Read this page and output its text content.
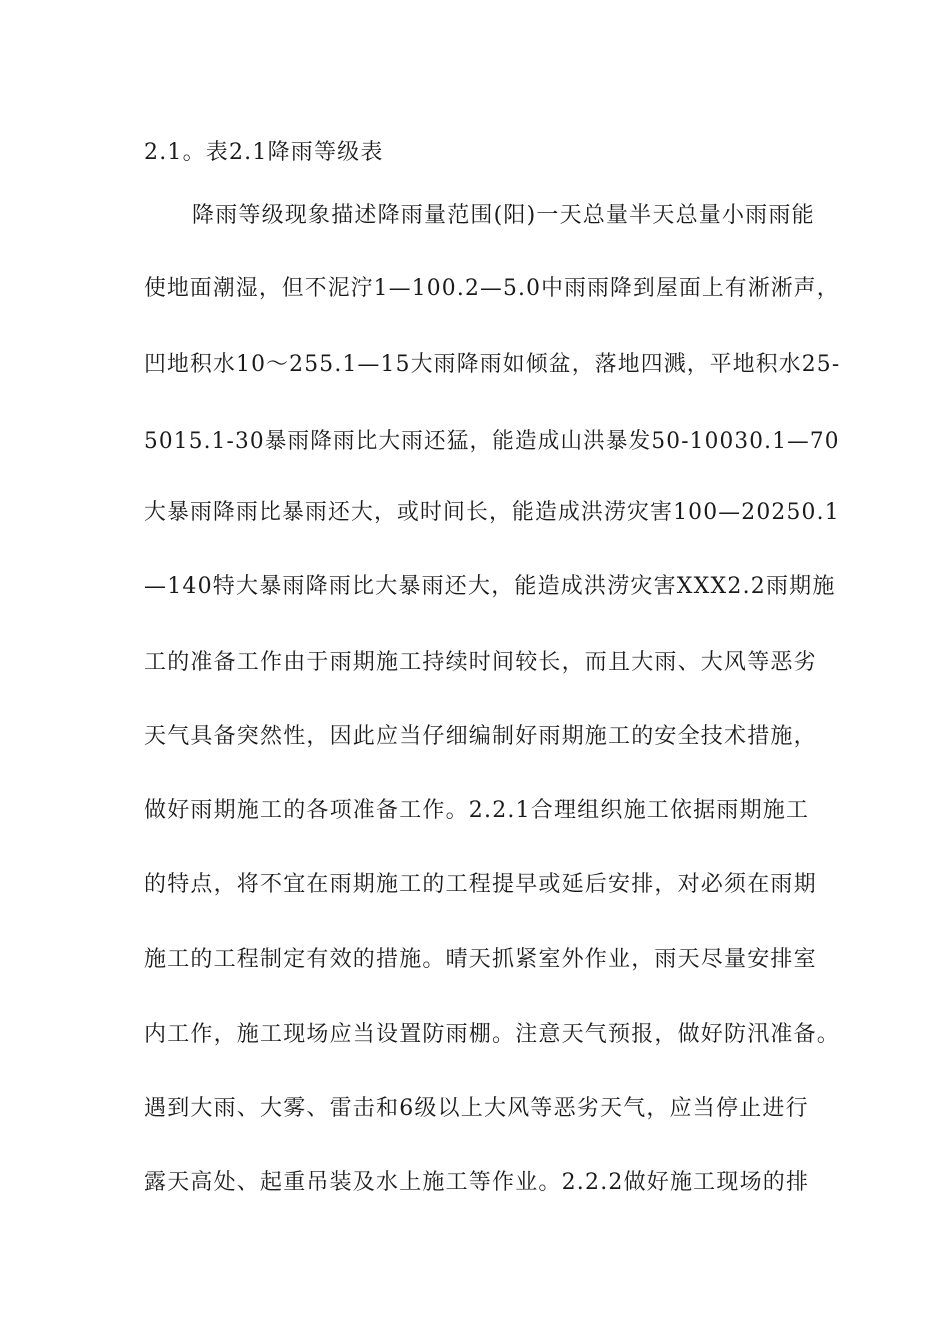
2.1。表2.1降雨等级表
降雨等级现象描述降雨量范围(阳)一天总量半天总量小雨雨能
使地面潮湿，但不泥泞1—100.2—5.0中雨雨降到屋面上有淅淅声，
凹地积水10～255.1—15大雨降雨如倾盆，落地四溅，平地积水25-
5015.1-30暴雨降雨比大雨还猛，能造成山洪暴发50-10030.1—70
大暴雨降雨比暴雨还大，或时间长，能造成洪涝灾害100—20250.1
—140特大暴雨降雨比大暴雨还大，能造成洪涝灾害XXX2.2雨期施
工的准备工作由于雨期施工持续时间较长，而且大雨、大风等恶劣
天气具备突然性，因此应当仔细编制好雨期施工的安全技术措施，
做好雨期施工的各项准备工作。2.2.1合理组织施工依据雨期施工
的特点，将不宜在雨期施工的工程提早或延后安排，对必须在雨期
施工的工程制定有效的措施。晴天抓紧室外作业，雨天尽量安排室
内工作，施工现场应当设置防雨棚。注意天气预报，做好防汛准备。
遇到大雨、大雾、雷击和6级以上大风等恶劣天气，应当停止进行
露天高处、起重吊装及水上施工等作业。2.2.2做好施工现场的排
